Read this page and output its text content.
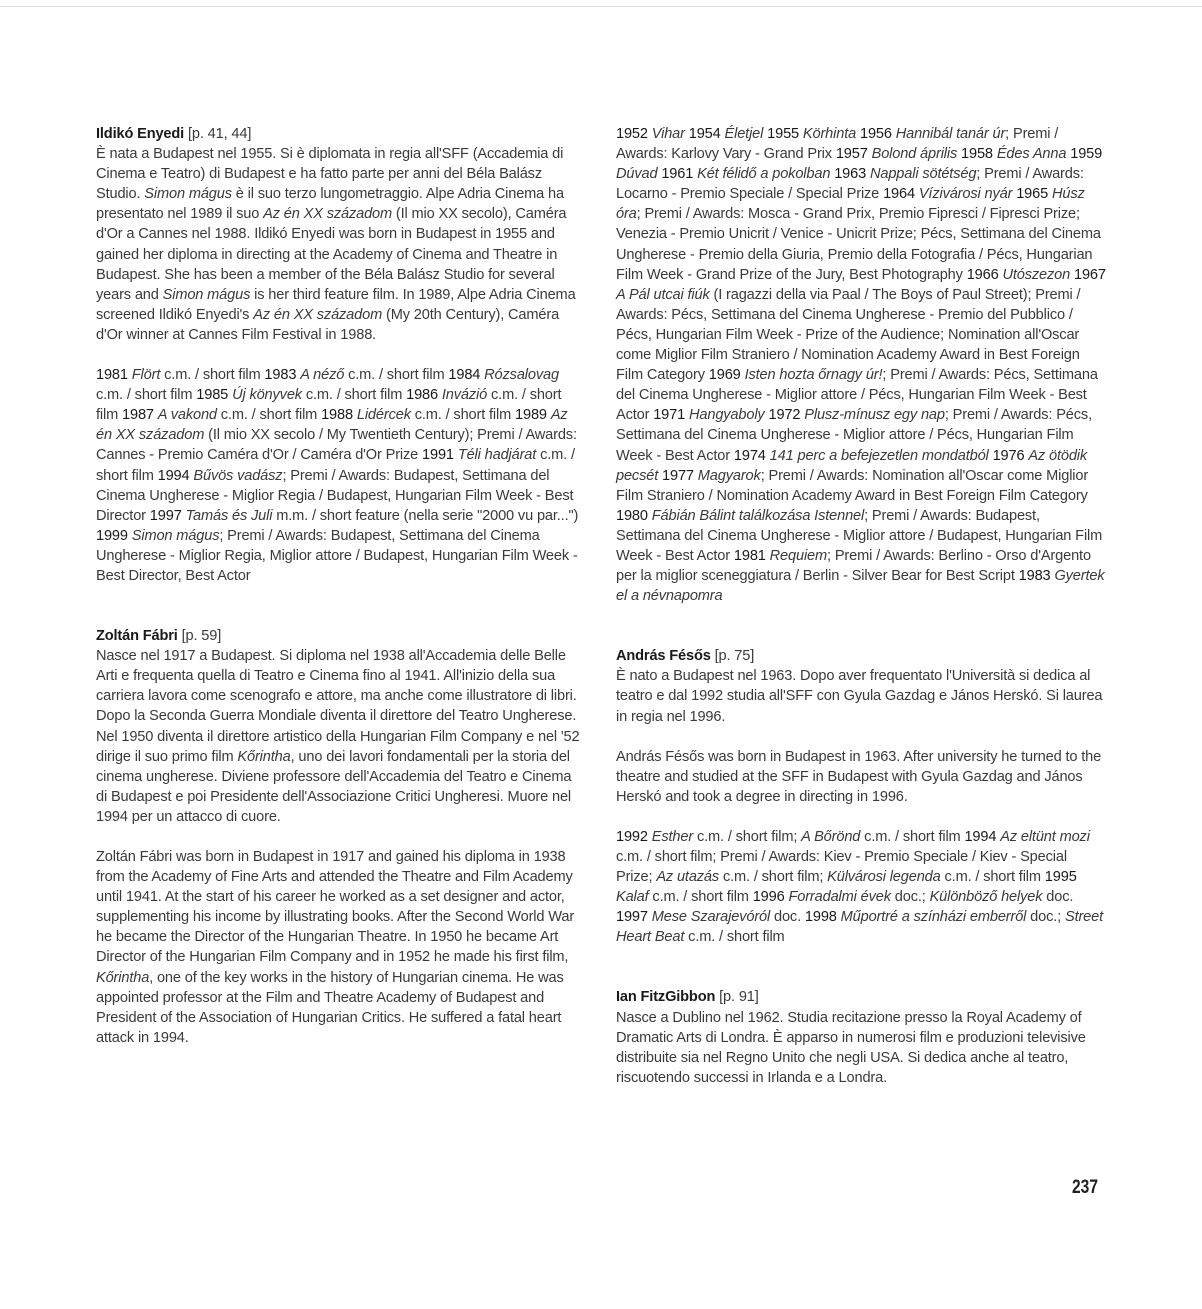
Ildikó Enyedi [p. 41, 44]

È nata a Budapest nel 1955. Si è diplomata in regia all'SFF (Accademia di Cinema e Teatro) di Budapest e ha fatto parte per anni del Béla Balász Studio. Simon mágus è il suo terzo lungometraggio. Alpe Adria Cinema ha presentato nel 1989 il suo Az én XX századom (Il mio XX secolo), Caméra d'Or a Cannes nel 1988. Ildikó Enyedi was born in Budapest in 1955 and gained her diploma in directing at the Academy of Cinema and Theatre in Budapest. She has been a member of the Béla Balász Studio for several years and Simon mágus is her third feature film. In 1989, Alpe Adria Cinema screened Ildikó Enyedi's Az én XX századom (My 20th Century), Caméra d'Or winner at Cannes Film Festival in 1988.

1981 Flört c.m. / short film 1983 A néző c.m. / short film 1984 Rózsalovag c.m. / short film 1985 Új könyvek c.m. / short film 1986 Invázió c.m. / short film 1987 A vakond c.m. / short film 1988 Lidércek c.m. / short film 1989 Az én XX századom (Il mio XX secolo / My Twentieth Century); Premi / Awards: Cannes - Premio Caméra d'Or / Caméra d'Or Prize 1991 Téli hadjárat c.m. / short film 1994 Bűvös vadász; Premi / Awards: Budapest, Settimana del Cinema Ungherese - Miglior Regia / Budapest, Hungarian Film Week - Best Director 1997 Tamás és Juli m.m. / short feature (nella serie "2000 vu par...") 1999 Simon mágus; Premi / Awards: Budapest, Settimana del Cinema Ungherese - Miglior Regia, Miglior attore / Budapest, Hungarian Film Week - Best Director, Best Actor

Zoltán Fábri [p. 59]

Nasce nel 1917 a Budapest. Si diploma nel 1938 all'Accademia delle Belle Arti e frequenta quella di Teatro e Cinema fino al 1941. All'inizio della sua carriera lavora come scenografo e attore, ma anche come illustratore di libri. Dopo la Seconda Guerra Mondiale diventa il direttore del Teatro Ungherese. Nel 1950 diventa il direttore artistico della Hungarian Film Company e nel '52 dirige il suo primo film Kőrintha, uno dei lavori fondamentali per la storia del cinema ungherese. Diviene professore dell'Accademia del Teatro e Cinema di Budapest e poi Presidente dell'Associazione Critici Ungheresi. Muore nel 1994 per un attacco di cuore.

Zoltán Fábri was born in Budapest in 1917 and gained his diploma in 1938 from the Academy of Fine Arts and attended the Theatre and Film Academy until 1941. At the start of his career he worked as a set designer and actor, supplementing his income by illustrating books. After the Second World War he became the Director of the Hungarian Theatre. In 1950 he became Art Director of the Hungarian Film Company and in 1952 he made his first film, Kőrintha, one of the key works in the history of Hungarian cinema. He was appointed professor at the Film and Theatre Academy of Budapest and President of the Association of Hungarian Critics. He suffered a fatal heart attack in 1994.

1952 Vihar 1954 Életjel 1955 Körhinta 1956 Hannibál tanár úr; Premi / Awards: Karlovy Vary - Grand Prix 1957 Bolond április 1958 Édes Anna 1959 Dúvad 1961 Két félidő a pokolban 1963 Nappali sötétség; Premi / Awards: Locarno - Premio Speciale / Special Prize 1964 Vízivárosi nyár 1965 Húsz óra; Premi / Awards: Mosca - Grand Prix, Premio Fipresci / Fipresci Prize; Venezia - Premio Unicrit / Venice - Unicrit Prize; Pécs, Settimana del Cinema Ungherese - Premio della Giuria, Premio della Fotografia / Pécs, Hungarian Film Week - Grand Prize of the Jury, Best Photography 1966 Utószezon 1967 A Pál utcai fiúk (I ragazzi della via Paal / The Boys of Paul Street); Premi / Awards: Pécs, Settimana del Cinema Ungherese - Premio del Pubblico / Pécs, Hungarian Film Week - Prize of the Audience; Nomination all'Oscar come Miglior Film Straniero / Nomination Academy Award in Best Foreign Film Category 1969 Isten hozta őrnagy úr!; Premi / Awards: Pécs, Settimana del Cinema Ungherese - Miglior attore / Pécs, Hungarian Film Week - Best Actor 1971 Hangyaboly 1972 Plusz-mínusz egy nap; Premi / Awards: Pécs, Settimana del Cinema Ungherese - Miglior attore / Pécs, Hungarian Film Week - Best Actor 1974 141 perc a befejezetlen mondatból 1976 Az ötödik pecsét 1977 Magyarok; Premi / Awards: Nomination all'Oscar come Miglior Film Straniero / Nomination Academy Award in Best Foreign Film Category 1980 Fábián Bálint találkozása Istennel; Premi / Awards: Budapest, Settimana del Cinema Ungherese - Miglior attore / Budapest, Hungarian Film Week - Best Actor 1981 Requiem; Premi / Awards: Berlino - Orso d'Argento per la miglior sceneggiatura / Berlin - Silver Bear for Best Script 1983 Gyertek el a névnapomra

András Fésős [p. 75]

È nato a Budapest nel 1963. Dopo aver frequentato l'Università si dedica al teatro e dal 1992 studia all'SFF con Gyula Gazdag e János Herskó. Si laurea in regia nel 1996.

András Fésős was born in Budapest in 1963. After university he turned to the theatre and studied at the SFF in Budapest with Gyula Gazdag and János Herskó and took a degree in directing in 1996.

1992 Esther c.m. / short film; A Bőrönd c.m. / short film 1994 Az eltünt mozi c.m. / short film; Premi / Awards: Kiev - Premio Speciale / Kiev - Special Prize; Az utazás c.m. / short film; Külvárosi legenda c.m. / short film 1995 Kalaf c.m. / short film 1996 Forradalmi évek doc.; Különböző helyek doc. 1997 Mese Szarajevóról doc. 1998 Műportré a színházi emberről doc.; Street Heart Beat c.m. / short film

Ian FitzGibbon [p. 91]

Nasce a Dublino nel 1962. Studia recitazione presso la Royal Academy of Dramatic Arts di Londra. È apparso in numerosi film e produzioni televisive distribuite sia nel Regno Unito che negli USA. Si dedica anche al teatro, riscuotendo successi in Irlanda e a Londra.

237
